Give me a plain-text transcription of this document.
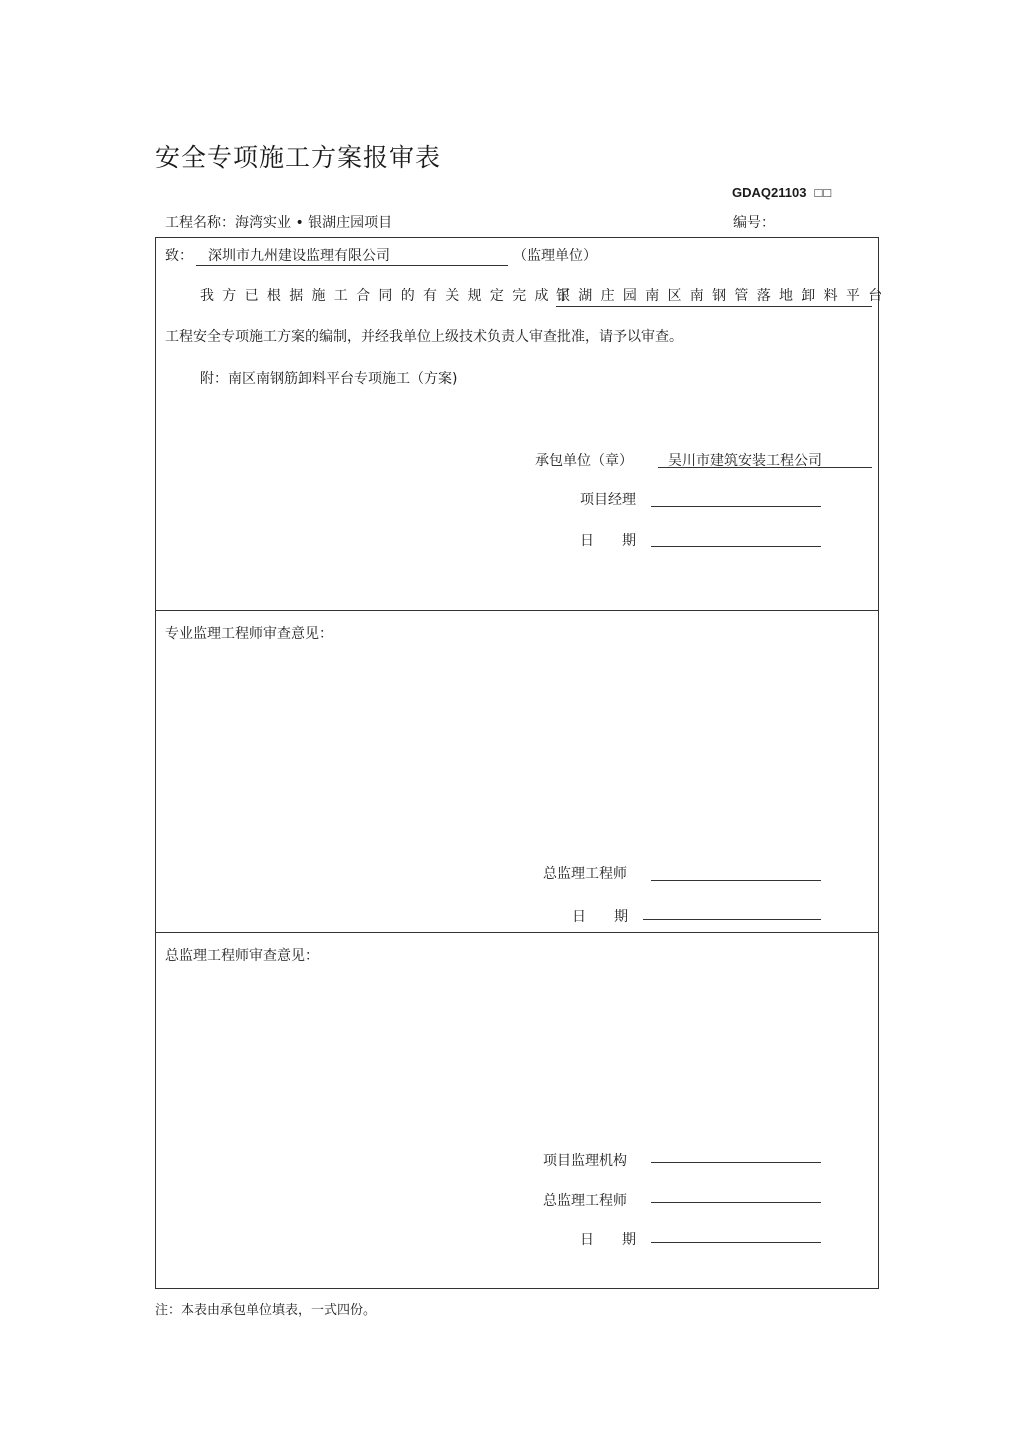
安全专项施工方案报审表
GDAQ21103 □□
工程名称：海湾实业 • 银湖庄园项目	编号：
致： 深圳市九州建设监理有限公司	（监理单位）
我方已根据施工合同的有关规定完成了
银湖庄园南区南钢管落地卸料平台
工程安全专项施工方案的编制，并经我单位上级技术负责人审查批准，请予以审查。
附：南区南钢筋卸料平台专项施工（方案)
承包单位（章）	吴川市建筑安装工程公司
项目经理
日　　期
专业监理工程师审查意见：
总监理工程师
日　　期
总监理工程师审查意见：
项目监理机构
总监理工程师
日　　期
注：本表由承包单位填表，一式四份。
